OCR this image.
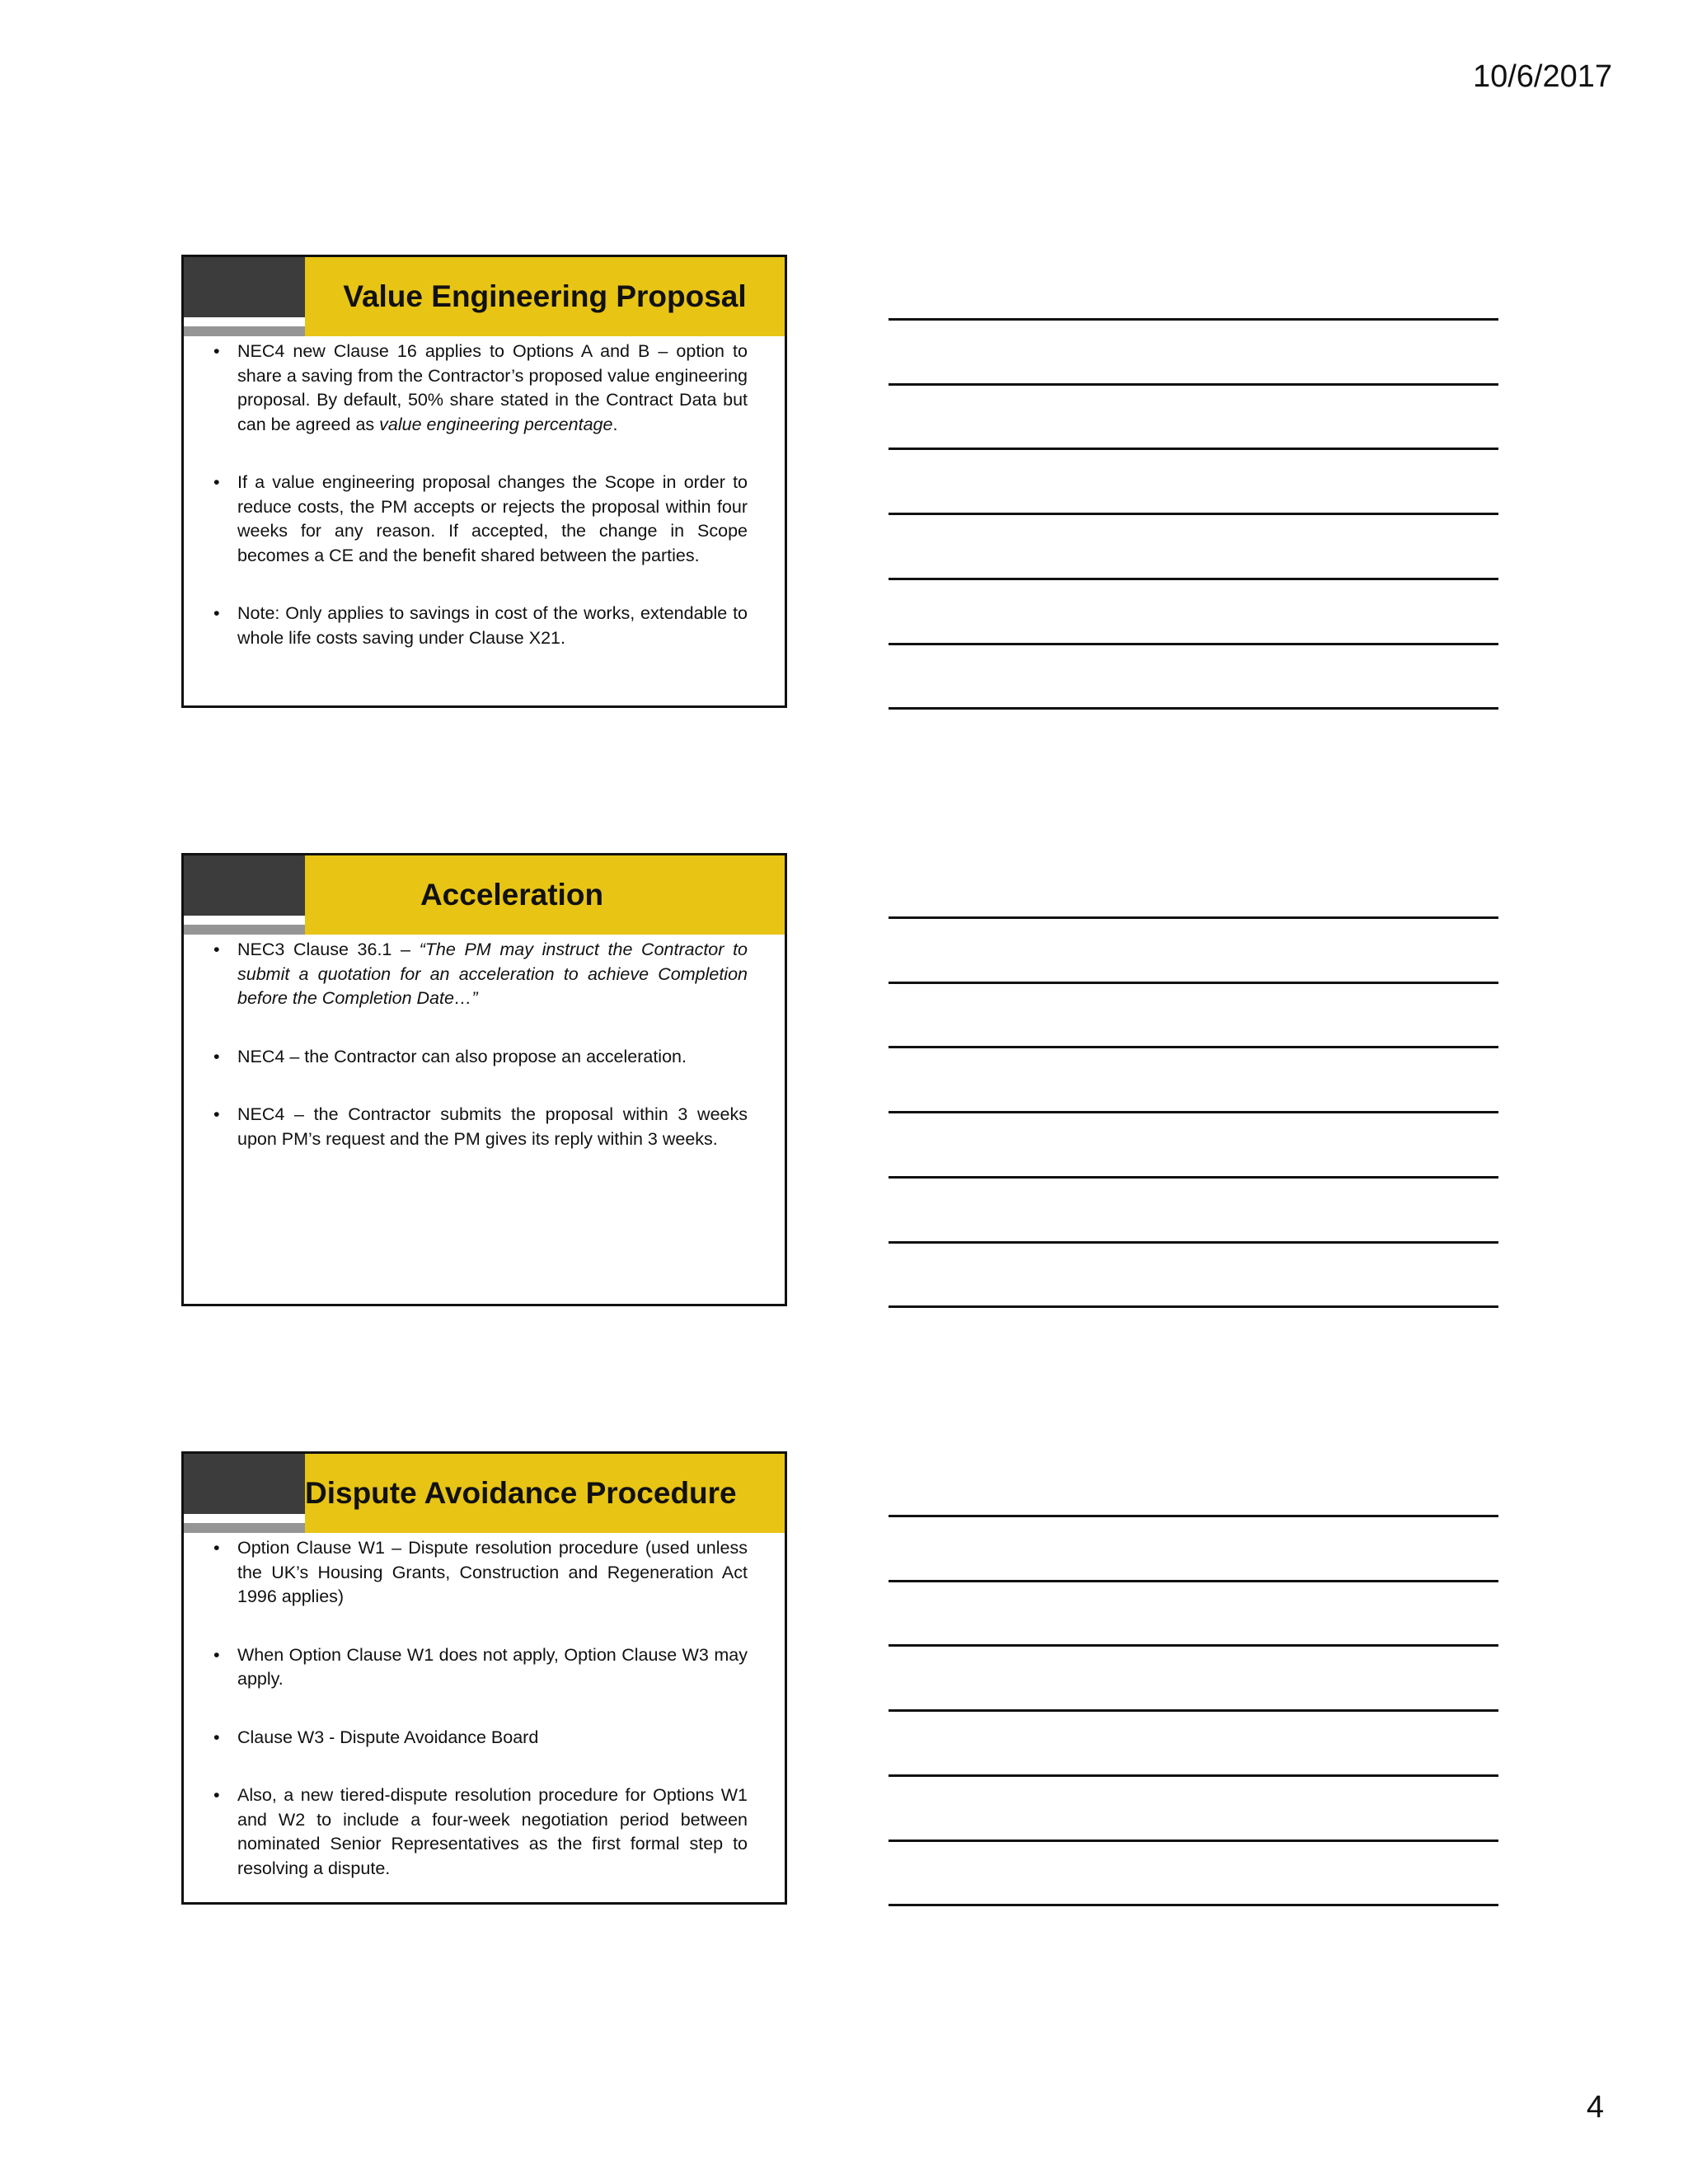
10/6/2017
Value Engineering Proposal
• NEC4 new Clause 16 applies to Options A and B – option to share a saving from the Contractor’s proposed value engineering proposal. By default, 50% share stated in the Contract Data but can be agreed as value engineering percentage.
• If a value engineering proposal changes the Scope in order to reduce costs, the PM accepts or rejects the proposal within four weeks for any reason. If accepted, the change in Scope becomes a CE and the benefit shared between the parties.
• Note: Only applies to savings in cost of the works, extendable to whole life costs saving under Clause X21.
Acceleration
• NEC3 Clause 36.1 – “The PM may instruct the Contractor to submit a quotation for an acceleration to achieve Completion before the Completion Date…”
• NEC4 – the Contractor can also propose an acceleration.
• NEC4 – the Contractor submits the proposal within 3 weeks upon PM’s request and the PM gives its reply within 3 weeks.
Dispute Avoidance Procedure
• Option Clause W1 – Dispute resolution procedure (used unless the UK’s Housing Grants, Construction and Regeneration Act 1996 applies)
• When Option Clause W1 does not apply, Option Clause W3 may apply.
• Clause W3 - Dispute Avoidance Board
• Also, a new tiered-dispute resolution procedure for Options W1 and W2 to include a four-week negotiation period between nominated Senior Representatives as the first formal step to resolving a dispute.
4
